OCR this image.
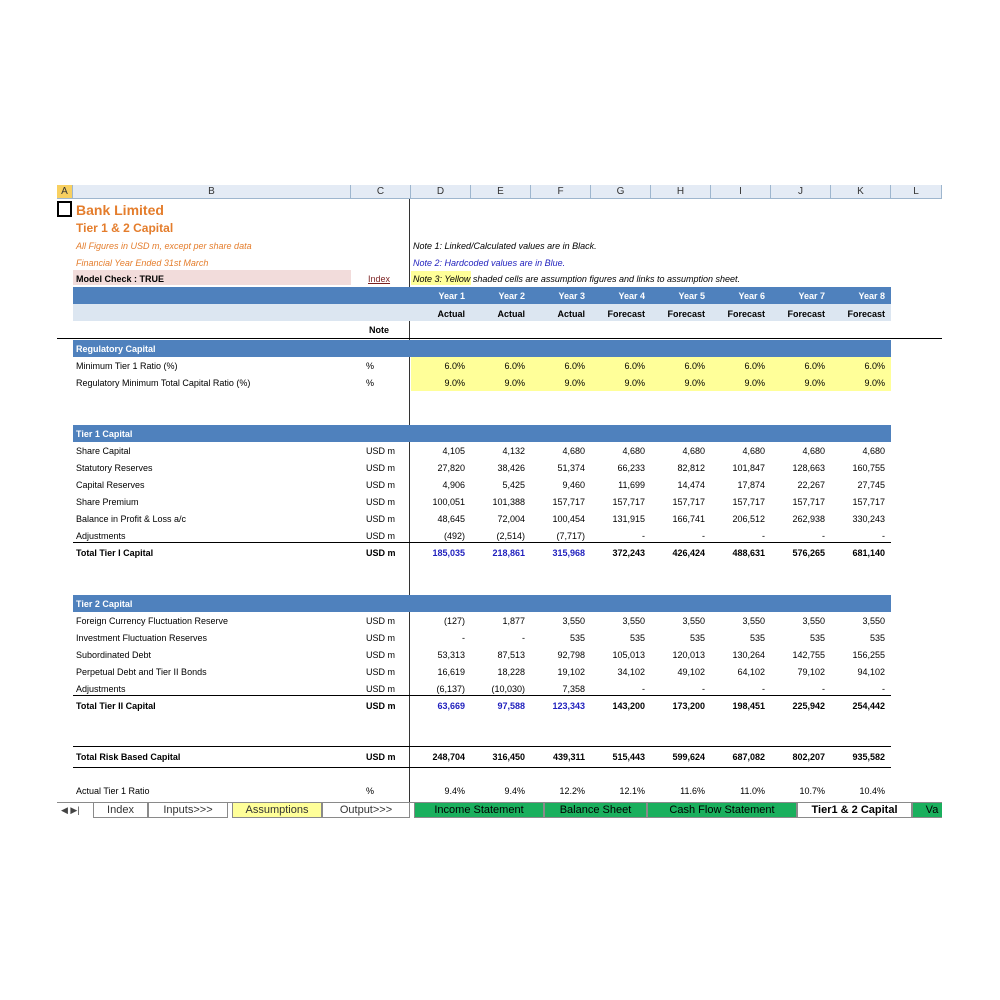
A	B	C	D	E	F	G	H	I	J	K	L
Bank Limited
Tier 1 & 2 Capital
All Figures in USD m, except per share data
Financial Year Ended 31st March
Model Check : TRUE	Index
Note 1: Linked/Calculated values are in Black.
Note 2: Hardcoded values are in Blue.
Note 3: Yellow shaded cells are assumption figures and links to assumption sheet.
Year 1	Year 2	Year 3	Year 4	Year 5	Year 6	Year 7	Year 8
Actual	Actual	Actual	Forecast	Forecast	Forecast	Forecast	Forecast
Note
Regulatory Capital
Minimum Tier 1 Ratio (%)	%	6.0%	6.0%	6.0%	6.0%	6.0%	6.0%	6.0%	6.0%
Regulatory Minimum Total Capital Ratio (%)	%	9.0%	9.0%	9.0%	9.0%	9.0%	9.0%	9.0%	9.0%
Tier 1 Capital
Share Capital	USD m	4,105	4,132	4,680	4,680	4,680	4,680	4,680	4,680
Statutory Reserves	USD m	27,820	38,426	51,374	66,233	82,812	101,847	128,663	160,755
Capital Reserves	USD m	4,906	5,425	9,460	11,699	14,474	17,874	22,267	27,745
Share Premium	USD m	100,051	101,388	157,717	157,717	157,717	157,717	157,717	157,717
Balance in Profit & Loss a/c	USD m	48,645	72,004	100,454	131,915	166,741	206,512	262,938	330,243
Adjustments	USD m	(492)	(2,514)	(7,717)	-	-	-	-	-
Total Tier I Capital	USD m	185,035	218,861	315,968	372,243	426,424	488,631	576,265	681,140
Tier 2 Capital
Foreign Currency Fluctuation Reserve	USD m	(127)	1,877	3,550	3,550	3,550	3,550	3,550	3,550
Investment Fluctuation Reserves	USD m	-	-	535	535	535	535	535	535
Subordinated Debt	USD m	53,313	87,513	92,798	105,013	120,013	130,264	142,755	156,255
Perpetual Debt and Tier II Bonds	USD m	16,619	18,228	19,102	34,102	49,102	64,102	79,102	94,102
Adjustments	USD m	(6,137)	(10,030)	7,358	-	-	-	-	-
Total Tier II Capital	USD m	63,669	97,588	123,343	143,200	173,200	198,451	225,942	254,442
Total Risk Based Capital	USD m	248,704	316,450	439,311	515,443	599,624	687,082	802,207	935,582
Actual Tier 1 Ratio	%	9.4%	9.4%	12.2%	12.1%	11.6%	11.0%	10.7%	10.4%
◀ ▶|	Index	Inputs>>>	Assumptions	Output>>>	Income Statement	Balance Sheet	Cash Flow Statement	Tier1 & 2 Capital	Va
